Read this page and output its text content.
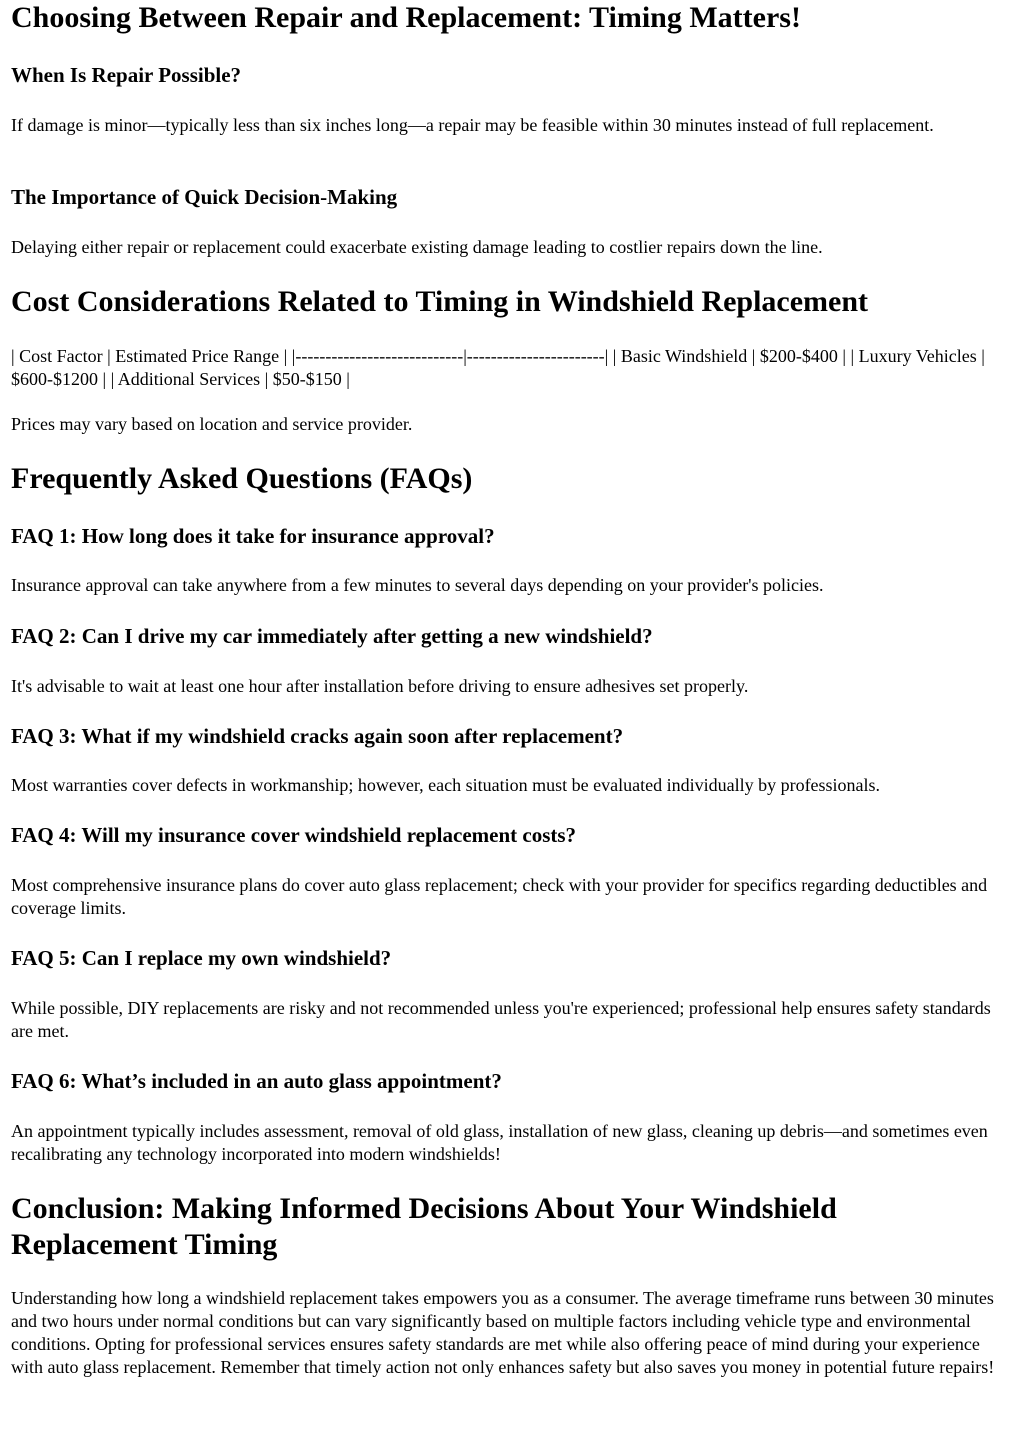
Choosing Between Repair and Replacement: Timing Matters!
When Is Repair Possible?

If damage is minor—typically less than six inches long—a repair may be feasible within 30 minutes instead of full replacement.

The Importance of Quick Decision-Making

Delaying either repair or replacement could exacerbate existing damage leading to costlier repairs down the line.

Cost Considerations Related to Timing in Windshield Replacement

| Cost Factor | Estimated Price Range | |----------------------------|-----------------------| | Basic Windshield | $200-$400 | | Luxury Vehicles | $600-$1200 | | Additional Services | $50-$150 |

Prices may vary based on location and service provider.

Frequently Asked Questions (FAQs)
FAQ 1: How long does it take for insurance approval?

Insurance approval can take anywhere from a few minutes to several days depending on your provider's policies.

FAQ 2: Can I drive my car immediately after getting a new windshield?

It's advisable to wait at least one hour after installation before driving to ensure adhesives set properly.

FAQ 3: What if my windshield cracks again soon after replacement?

Most warranties cover defects in workmanship; however, each situation must be evaluated individually by professionals.

FAQ 4: Will my insurance cover windshield replacement costs?

Most comprehensive insurance plans do cover auto glass replacement; check with your provider for specifics regarding deductibles and coverage limits.

FAQ 5: Can I replace my own windshield?

While possible, DIY replacements are risky and not recommended unless you're experienced; professional help ensures safety standards are met.

FAQ 6: What’s included in an auto glass appointment?

An appointment typically includes assessment, removal of old glass, installation of new glass, cleaning up debris—and sometimes even recalibrating any technology incorporated into modern windshields!

Conclusion: Making Informed Decisions About Your Windshield Replacement Timing

Understanding how long a windshield replacement takes empowers you as a consumer. The average timeframe runs between 30 minutes and two hours under normal conditions but can vary significantly based on multiple factors including vehicle type and environmental conditions. Opting for professional services ensures safety standards are met while also offering peace of mind during your experience with auto glass replacement. Remember that timely action not only enhances safety but also saves you money in potential future repairs!
